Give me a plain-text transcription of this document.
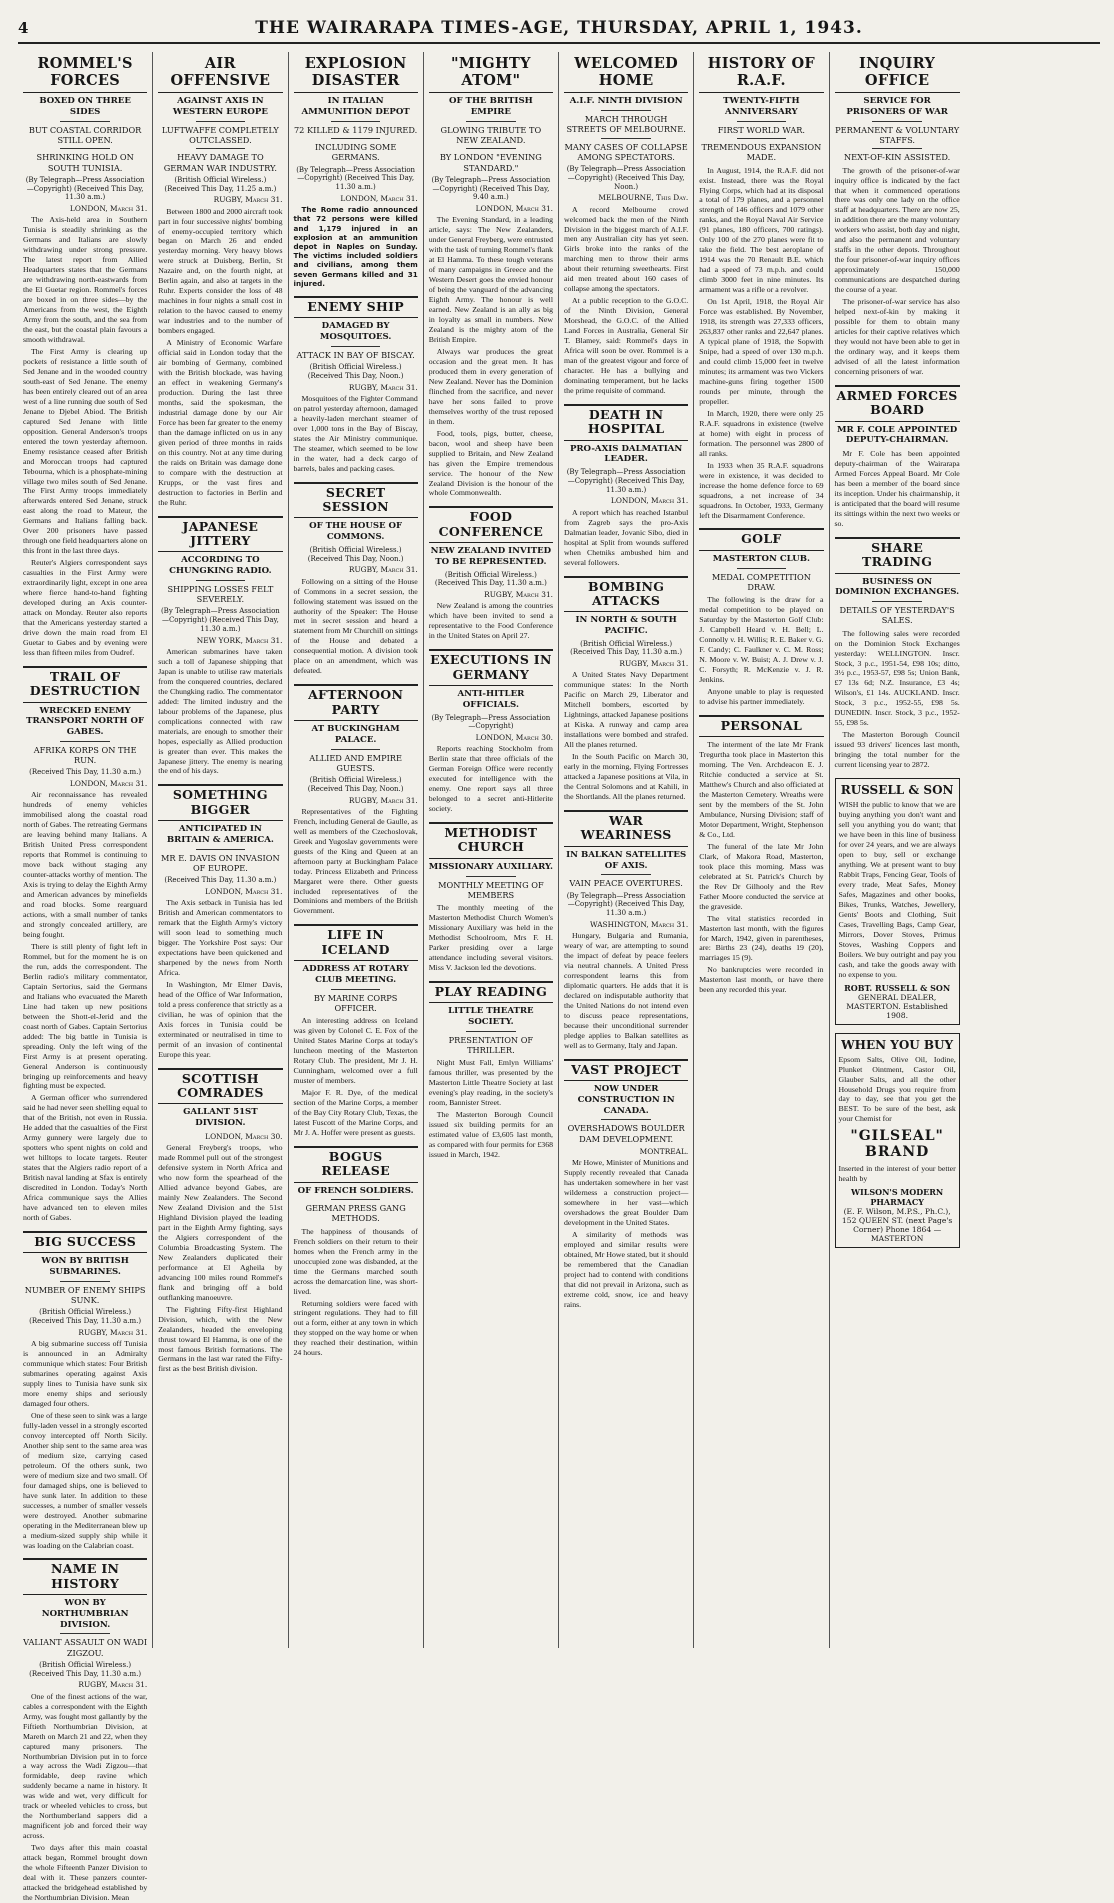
4	THE WAIRARAPA TIMES-AGE, THURSDAY, APRIL 1, 1943.
ROMMEL'S FORCES
BOXED ON THREE SIDES
BUT COASTAL CORRIDOR STILL OPEN.
SHRINKING HOLD ON SOUTH TUNISIA.
(By Telegraph—Press Association—Copyright) (Received This Day, 11.30 a.m.)
LONDON, March 31.

The Axis-held area in Southern Tunisia is steadily shrinking as the Germans and Italians are slowly withdrawing under strong pressure. The latest report from Allied Headquarters states that the Germans are withdrawing north-eastwards from the El Guetar region. Rommel's forces are boxed in on three sides—by the Americans from the west, the Eighth Army from the south, and the sea from the east, but the coastal plain favours a smooth withdrawal.

The First Army is clearing up pockets of resistance a little south of Sed Jenane and in the wooded country south-east of Sed Jenane. The enemy has been entirely cleared out of an area west of a line running due south of Sed Jenane to Djebel Abiod. The British captured Sed Jenane with little opposition. General Anderson's troops entered the town yesterday afternoon. Enemy resistance ceased after British and Moroccan troops had captured Tebourna, which is a phosphate-mining village two miles south of Sed Jenane. The First Army troops immediately afterwards entered Sed Jenane, struck east along the road to Mateur, the Germans and Italians falling back. Over 200 prisoners have passed through one field headquarters alone on this front in the last three days.

Reuter's Algiers correspondent says casualties in the First Army were extraordinarily light, except in one area where fierce hand-to-hand fighting developed during an Axis counter-attack on Monday. Reuter also reports that the Americans yesterday started a drive down the main road from El Guetar to Gabes and by evening were less than fifteen miles from Oudref.

TRAIL OF DESTRUCTION
WRECKED ENEMY TRANSPORT NORTH OF GABES.
AFRIKA KORPS ON THE RUN.
(Received This Day, 11.30 a.m.)
LONDON, March 31.

Air reconnaissance has revealed hundreds of enemy vehicles immobilised along the coastal road north of Gabes. The retreating Germans are leaving behind many Italians. A British United Press correspondent reports that Rommel is continuing to move back without staging any counter-attacks worthy of mention. The Axis is trying to delay the Eighth Army and American advances by minefields and road blocks. Some rearguard actions, with a small number of tanks and strongly concealed artillery, are being fought.

There is still plenty of fight left in Rommel, but for the moment he is on the run, adds the correspondent. The Berlin radio's military commentator, Captain Sertorius, said the Germans and Italians who evacuated the Mareth Line had taken up new positions between the Shott-el-Jerid and the coast north of Gabes. Captain Sertorius added: The big battle in Tunisia is spreading. Only the left wing of the First Army is at present operating. General Anderson is continuously bringing up reinforcements and heavy fighting must be expected.

A German officer who surrendered said he had never seen shelling equal to that of the British, not even in Russia. He added that the casualties of the First Army gunnery were largely due to spotters who spent nights on cold and wet hilltops to locate targets. Reuter states that the Algiers radio report of a British naval landing at Sfax is entirely discredited in London. Today's North Africa communique says the Allies have advanced ten to eleven miles north of Gabes.

BIG SUCCESS
WON BY BRITISH SUBMARINES.
NUMBER OF ENEMY SHIPS SUNK.
(British Official Wireless.) (Received This Day, 11.30 a.m.)
RUGBY, March 31.

A big submarine success off Tunisia is announced in an Admiralty communique which states: Four British submarines operating against Axis supply lines to Tunisia have sunk six more enemy ships and seriously damaged four others.

One of these seen to sink was a large fully-laden vessel in a strongly escorted convoy intercepted off North Sicily. Another ship sent to the same area was of medium size, carrying cased petroleum. Of the others sunk, two were of medium size and two small. Of four damaged ships, one is believed to have sunk later. In addition to these successes, a number of smaller vessels were destroyed. Another submarine operating in the Mediterranean blew up a medium-sized supply ship while it was loading on the Calabrian coast.

NAME IN HISTORY
WON BY NORTHUMBRIAN DIVISION.
VALIANT ASSAULT ON WADI ZIGZOU.
(British Official Wireless.) (Received This Day, 11.30 a.m.)
RUGBY, March 31.

One of the finest actions of the war, cables a correspondent with the Eighth Army, was fought most gallantly by the Fiftieth Northumbrian Division, at Mareth on March 21 and 22, when they captured many prisoners. The Northumbrian Division put in to force a way across the Wadi Zigzou—that formidable, deep ravine which suddenly became a name in history. It was wide and wet, very difficult for track or wheeled vehicles to cross, but the Northumberland sappers did a magnificent job and forced their way across.

Two days after this main coastal attack began, Rommel brought down the whole Fifteenth Panzer Division to deal with it. These panzers counter-attacked the bridgehead established by the Northumbrian Division. Mean

AIR OFFENSIVE
AGAINST AXIS IN WESTERN EUROPE
LUFTWAFFE COMPLETELY OUTCLASSED.
HEAVY DAMAGE TO GERMAN WAR INDUSTRY.
(British Official Wireless.) (Received This Day, 11.25 a.m.)
RUGBY, March 31.

Between 1800 and 2000 aircraft took part in four successive nights' bombing of enemy-occupied territory which began on March 26 and ended yesterday morning. Very heavy blows were struck at Duisberg, Berlin, St Nazaire and, on the fourth night, at Berlin again, and also at targets in the Ruhr. Experts consider the loss of 48 machines in four nights a small cost in relation to the havoc caused to enemy war industries and to the number of bombers engaged.

A Ministry of Economic Warfare official said in London today that the air bombing of Germany, combined with the British blockade, was having an effect in weakening Germany's production. During the last three months, said the spokesman, the industrial damage done by our Air Force has been far greater to the enemy than the damage inflicted on us in any given period of three months in raids on this country. Not at any time during the raids on Britain was damage done to compare with the destruction at Krupps, or the vast fires and destruction to factories in Berlin and the Ruhr.

JAPANESE JITTERY
ACCORDING TO CHUNGKING RADIO.
SHIPPING LOSSES FELT SEVERELY.
(By Telegraph—Press Association—Copyright) (Received This Day, 11.30 a.m.)
NEW YORK, March 31.

American submarines have taken such a toll of Japanese shipping that Japan is unable to utilise raw materials from the conquered countries, declared the Chungking radio. The commentator added: The limited industry and the labour problems of the Japanese, plus complications connected with raw materials, are enough to smother their hopes, especially as Allied production is greater than ever. This makes the Japanese jittery. The enemy is nearing the end of his days.

SOMETHING BIGGER
ANTICIPATED IN BRITAIN & AMERICA.
MR E. DAVIS ON INVASION OF EUROPE.
(Received This Day, 11.30 a.m.)
LONDON, March 31.

The Axis setback in Tunisia has led British and American commentators to remark that the Eighth Army's victory will soon lead to something much bigger. The Yorkshire Post says: Our expectations have been quickened and sharpened by the news from North Africa.

In Washington, Mr Elmer Davis, head of the Office of War Information, told a press conference that strictly as a civilian, he was of opinion that the Axis forces in Tunisia could be exterminated or neutralised in time to permit of an invasion of continental Europe this year.

SCOTTISH COMRADES
GALLANT 51ST DIVISION.
LONDON, March 30.

General Freyberg's troops, who made Rommel pull out of the strongest defensive system in North Africa and who now form the spearhead of the Allied advance beyond Gabes, are mainly New Zealanders. The Second New Zealand Division and the 51st Highland Division played the leading part in the Eighth Army fighting, says the Algiers correspondent of the Columbia Broadcasting System. The New Zealanders duplicated their performance at El Agheila by advancing 100 miles round Rommel's flank and bringing off a bold outflanking manoeuvre.

The Fighting Fifty-first Highland Division, which, with the New Zealanders, headed the enveloping thrust toward El Hamma, is one of the most famous British formations. The Germans in the last war rated the Fifty-first as the best British division.

EXPLOSION DISASTER
IN ITALIAN AMMUNITION DEPOT
72 KILLED & 1179 INJURED.
INCLUDING SOME GERMANS.
(By Telegraph—Press Association—Copyright) (Received This Day, 11.30 a.m.)
LONDON, March 31.

The Rome radio announced that 72 persons were killed and 1,179 injured in an explosion at an ammunition depot in Naples on Sunday. The victims included soldiers and civilians, among them seven Germans killed and 31 injured.

ENEMY SHIP
DAMAGED BY MOSQUITOES.
ATTACK IN BAY OF BISCAY.
(British Official Wireless.) (Received This Day, Noon.)
RUGBY, March 31.

Mosquitoes of the Fighter Command on patrol yesterday afternoon, damaged a heavily-laden merchant steamer of over 1,000 tons in the Bay of Biscay, states the Air Ministry communique. The steamer, which seemed to be low in the water, had a deck cargo of barrels, bales and packing cases.

SECRET SESSION
OF THE HOUSE OF COMMONS.
(British Official Wireless.) (Received This Day, Noon.)
RUGBY, March 31.

Following on a sitting of the House of Commons in a secret session, the following statement was issued on the authority of the Speaker: The House met in secret session and heard a statement from Mr Churchill on sittings of the House and debated a consequential motion. A division took place on an amendment, which was defeated.

AFTERNOON PARTY
AT BUCKINGHAM PALACE.
ALLIED AND EMPIRE GUESTS.
(British Official Wireless.) (Received This Day, Noon.)
RUGBY, March 31.

Representatives of the Fighting French, including General de Gaulle, as well as members of the Czechoslovak, Greek and Yugoslav governments were guests of the King and Queen at an afternoon party at Buckingham Palace today. Princess Elizabeth and Princess Margaret were there. Other guests included representatives of the Dominions and members of the British Government.

LIFE IN ICELAND
ADDRESS AT ROTARY CLUB MEETING.
BY MARINE CORPS OFFICER.

An interesting address on Iceland was given by Colonel C. E. Fox of the United States Marine Corps at today's luncheon meeting of the Masterton Rotary Club. The president, Mr J. H. Cunningham, welcomed over a full muster of members.

Major F. R. Dye, of the medical section of the Marine Corps, a member of the Bay City Rotary Club, Texas, the latest Fuscott of the Marine Corps, and Mr J. A. Hoffer were present as guests.

BOGUS RELEASE
OF FRENCH SOLDIERS.
GERMAN PRESS GANG METHODS.

The happiness of thousands of French soldiers on their return to their homes when the French army in the unoccupied zone was disbanded, at the time the Germans marched south across the demarcation line, was short-lived.

Returning soldiers were faced with stringent regulations. They had to fill out a form, either at any town in which they stopped on the way home or when they reached their destination, within 24 hours.

"MIGHTY ATOM"
OF THE BRITISH EMPIRE
GLOWING TRIBUTE TO NEW ZEALAND.
BY LONDON "EVENING STANDARD."
(By Telegraph—Press Association—Copyright) (Received This Day, 9.40 a.m.)
LONDON, March 31.

The Evening Standard, in a leading article, says: The New Zealanders, under General Freyberg, were entrusted with the task of turning Rommel's flank at El Hamma. To these tough veterans of many campaigns in Greece and the Western Desert goes the envied honour of being the vanguard of the advancing Eighth Army. The honour is well earned. New Zealand is an ally as big in loyalty as small in numbers. New Zealand is the mighty atom of the British Empire.

Always war produces the great occasion and the great men. It has produced them in every generation of New Zealand. Never has the Dominion flinched from the sacrifice, and never have her sons failed to prove themselves worthy of the trust reposed in them.

Food, tools, pigs, butter, cheese, bacon, wool and sheep have been supplied to Britain, and New Zealand has given the Empire tremendous service. The honour of the New Zealand Division is the honour of the whole Commonwealth.

FOOD CONFERENCE
NEW ZEALAND INVITED TO BE REPRESENTED.
(British Official Wireless.) (Received This Day, 11.30 a.m.)
RUGBY, March 31.

New Zealand is among the countries which have been invited to send a representative to the Food Conference in the United States on April 27.

EXECUTIONS IN GERMANY
ANTI-HITLER OFFICIALS.
(By Telegraph—Press Association—Copyright)
LONDON, March 30.

Reports reaching Stockholm from Berlin state that three officials of the German Foreign Office were recently executed for intelligence with the enemy. One report says all three belonged to a secret anti-Hitlerite society.

METHODIST CHURCH
MISSIONARY AUXILIARY.
MONTHLY MEETING OF MEMBERS

The monthly meeting of the Masterton Methodist Church Women's Missionary Auxiliary was held in the Methodist Schoolroom, Mrs F. H. Parker presiding over a large attendance including several visitors. Miss V. Jackson led the devotions.

PLAY READING
LITTLE THEATRE SOCIETY.
PRESENTATION OF THRILLER.

Night Must Fall, Emlyn Williams' famous thriller, was presented by the Masterton Little Theatre Society at last evening's play reading, in the society's room, Bannister Street.

The Masterton Borough Council issued six building permits for an estimated value of £3,605 last month, as compared with four permits for £368 issued in March, 1942.

WELCOMED HOME
A.I.F. NINTH DIVISION
MARCH THROUGH STREETS OF MELBOURNE.
MANY CASES OF COLLAPSE AMONG SPECTATORS.
(By Telegraph—Press Association—Copyright) (Received This Day, Noon.)
MELBOURNE, This Day.

A record Melbourne crowd welcomed back the men of the Ninth Division in the biggest march of A.I.F. men any Australian city has yet seen. Girls broke into the ranks of the marching men to throw their arms about their returning sweethearts. First aid men treated about 160 cases of collapse among the spectators.

At a public reception to the G.O.C. of the Ninth Division, General Morshead, the G.O.C. of the Allied Land Forces in Australia, General Sir T. Blamey, said: Rommel's days in Africa will soon be over. Rommel is a man of the greatest vigour and force of character. He has a bullying and dominating temperament, but he lacks the prime requisite of command.

DEATH IN HOSPITAL
PRO-AXIS DALMATIAN LEADER.
(By Telegraph—Press Association—Copyright) (Received This Day, 11.30 a.m.)
LONDON, March 31.

A report which has reached Istanbul from Zagreb says the pro-Axis Dalmatian leader, Jovanic Sibo, died in hospital at Split from wounds suffered when Chetniks ambushed him and several followers.

BOMBING ATTACKS
IN NORTH & SOUTH PACIFIC.
(British Official Wireless.) (Received This Day, 11.30 a.m.)
RUGBY, March 31.

A United States Navy Department communique states: In the North Pacific on March 29, Liberator and Mitchell bombers, escorted by Lightnings, attacked Japanese positions at Kiska. A runway and camp area installations were bombed and strafed. All the planes returned.

In the South Pacific on March 30, early in the morning, Flying Fortresses attacked a Japanese positions at Vila, in the Central Solomons and at Kahili, in the Shortlands. All the planes returned.

WAR WEARINESS
IN BALKAN SATELLITES OF AXIS.
VAIN PEACE OVERTURES.
(By Telegraph—Press Association—Copyright) (Received This Day, 11.30 a.m.)
WASHINGTON, March 31.

Hungary, Bulgaria and Rumania, weary of war, are attempting to sound the impact of defeat by peace feelers via neutral channels. A United Press correspondent learns this from diplomatic quarters. He adds that it is declared on indisputable authority that the United Nations do not intend even to discuss peace representations, because their unconditional surrender pledge applies to Balkan satellites as well as to Germany, Italy and Japan.

VAST PROJECT
NOW UNDER CONSTRUCTION IN CANADA.
OVERSHADOWS BOULDER DAM DEVELOPMENT.
MONTREAL.

Mr Howe, Minister of Munitions and Supply recently revealed that Canada has undertaken somewhere in her vast wilderness a construction project—somewhere in her vast—which overshadows the great Boulder Dam development in the United States.

A similarity of methods was employed and similar results were obtained, Mr Howe stated, but it should be remembered that the Canadian project had to contend with conditions that did not prevail in Arizona, such as extreme cold, snow, ice and heavy rains.

HISTORY OF R.A.F.
TWENTY-FIFTH ANNIVERSARY
FIRST WORLD WAR.
TREMENDOUS EXPANSION MADE.

In August, 1914, the R.A.F. did not exist. Instead, there was the Royal Flying Corps, which had at its disposal a total of 179 planes, and a personnel strength of 146 officers and 1079 other ranks, and the Royal Naval Air Service (91 planes, 180 officers, 700 ratings). Only 100 of the 270 planes were fit to take the field. The best aeroplane of 1914 was the 70 Renault B.E. which had a speed of 73 m.p.h. and could climb 3000 feet in nine minutes. Its armament was a rifle or a revolver.

On 1st April, 1918, the Royal Air Force was established. By November, 1918, its strength was 27,333 officers, 263,837 other ranks and 22,647 planes. A typical plane of 1918, the Sopwith Snipe, had a speed of over 130 m.p.h. and could climb 15,000 feet in twelve minutes; its armament was two Vickers machine-guns firing together 1500 rounds per minute, through the propeller.

In March, 1920, there were only 25 R.A.F. squadrons in existence (twelve at home) with eight in process of formation. The personnel was 2800 of all ranks.

In 1933 when 35 R.A.F. squadrons were in existence, it was decided to increase the home defence force to 69 squadrons, a net increase of 34 squadrons. In October, 1933, Germany left the Disarmament Conference.

GOLF
MASTERTON CLUB.
MEDAL COMPETITION DRAW.

The following is the draw for a medal competition to be played on Saturday by the Masterton Golf Club: J. Campbell Heard v. H. Bell; L. Connolly v. H. Willis; R. E. Baker v. G. F. Candy; C. Faulkner v. C. M. Ross; N. Moore v. W. Buist; A. J. Drew v. J. C. Forsyth; R. McKenzie v. J. R. Jenkins.

Anyone unable to play is requested to advise his partner immediately.

PERSONAL

The interment of the late Mr Frank Tregurtha took place in Masterton this morning. The Ven. Archdeacon E. J. Ritchie conducted a service at St. Matthew's Church and also officiated at the Masterton Cemetery. Wreaths were sent by the members of the St. John Ambulance, Nursing Division; staff of Motor Department, Wright, Stephenson & Co., Ltd.

The funeral of the late Mr John Clark, of Makora Road, Masterton, took place this morning. Mass was celebrated at St. Patrick's Church by the Rev Dr Gilhooly and the Rev Father Moore conducted the service at the graveside.

The vital statistics recorded in Masterton last month, with the figures for March, 1942, given in parentheses, are: Births 23 (24), deaths 19 (20), marriages 15 (9).

No bankruptcies were recorded in Masterton last month, or have there been any recorded this year.

INQUIRY OFFICE
SERVICE FOR PRISONERS OF WAR
PERMANENT & VOLUNTARY STAFFS.
NEXT-OF-KIN ASSISTED.

The growth of the prisoner-of-war inquiry office is indicated by the fact that when it commenced operations there was only one lady on the office staff at headquarters. There are now 25, in addition there are the many voluntary workers who assist, both day and night, and also the permanent and voluntary staffs in the other depots. Throughout the four prisoner-of-war inquiry offices approximately 150,000 communications are despatched during the course of a year.

The prisoner-of-war service has also helped next-of-kin by making it possible for them to obtain many articles for their captive relatives which they would not have been able to get in the ordinary way, and it keeps them advised of all the latest information concerning prisoners of war.

ARMED FORCES BOARD
MR F. COLE APPOINTED DEPUTY-CHAIRMAN.

Mr F. Cole has been appointed deputy-chairman of the Wairarapa Armed Forces Appeal Board. Mr Cole has been a member of the board since its inception. Under his chairmanship, it is anticipated that the board will resume its sittings within the next two weeks or so.

SHARE TRADING
BUSINESS ON DOMINION EXCHANGES.
DETAILS OF YESTERDAY'S SALES.

The following sales were recorded on the Dominion Stock Exchanges yesterday: WELLINGTON. Inscr. Stock, 3 p.c., 1951-54, £98 10s; ditto, 3½ p.c., 1953-57, £98 5s; Union Bank, £7 13s 6d; N.Z. Insurance, £3 4s; Wilson's, £1 14s. AUCKLAND. Inscr. Stock, 3 p.c., 1952-55, £98 5s. DUNEDIN. Inscr. Stock, 3 p.c., 1952-55, £98 5s.

The Masterton Borough Council issued 93 drivers' licences last month, bringing the total number for the current licensing year to 2872.

RUSSELL & SON

WISH the public to know that we are buying anything you don't want and sell you anything you do want; that we have been in this line of business for over 24 years, and we are always open to buy, sell or exchange anything. We at present want to buy Rabbit Traps, Fencing Gear, Tools of every trade, Meat Safes, Money Safes, Magazines and other books, Bikes, Trunks, Watches, Jewellery, Gents' Boots and Clothing, Suit Cases, Travelling Bags, Camp Gear, Mirrors, Dover Stoves, Primus Stoves, Washing Coppers and Boilers. We buy outright and pay you cash, and take the goods away with no expense to you.

ROBT. RUSSELL & SON
GENERAL DEALER, MASTERTON. Established 1908.
WHEN YOU BUY

Epsom Salts, Olive Oil, Iodine, Plunket Ointment, Castor Oil, Glauber Salts, and all the other Household Drugs you require from day to day, see that you get the BEST. To be sure of the best, ask your Chemist for

"GILSEAL" BRAND

Inserted in the interest of your better health by

WILSON'S MODERN PHARMACY
(E. F. Wilson, M.P.S., Ph.C.), 152 QUEEN ST. (next Page's Corner) Phone 1864 — MASTERTON
